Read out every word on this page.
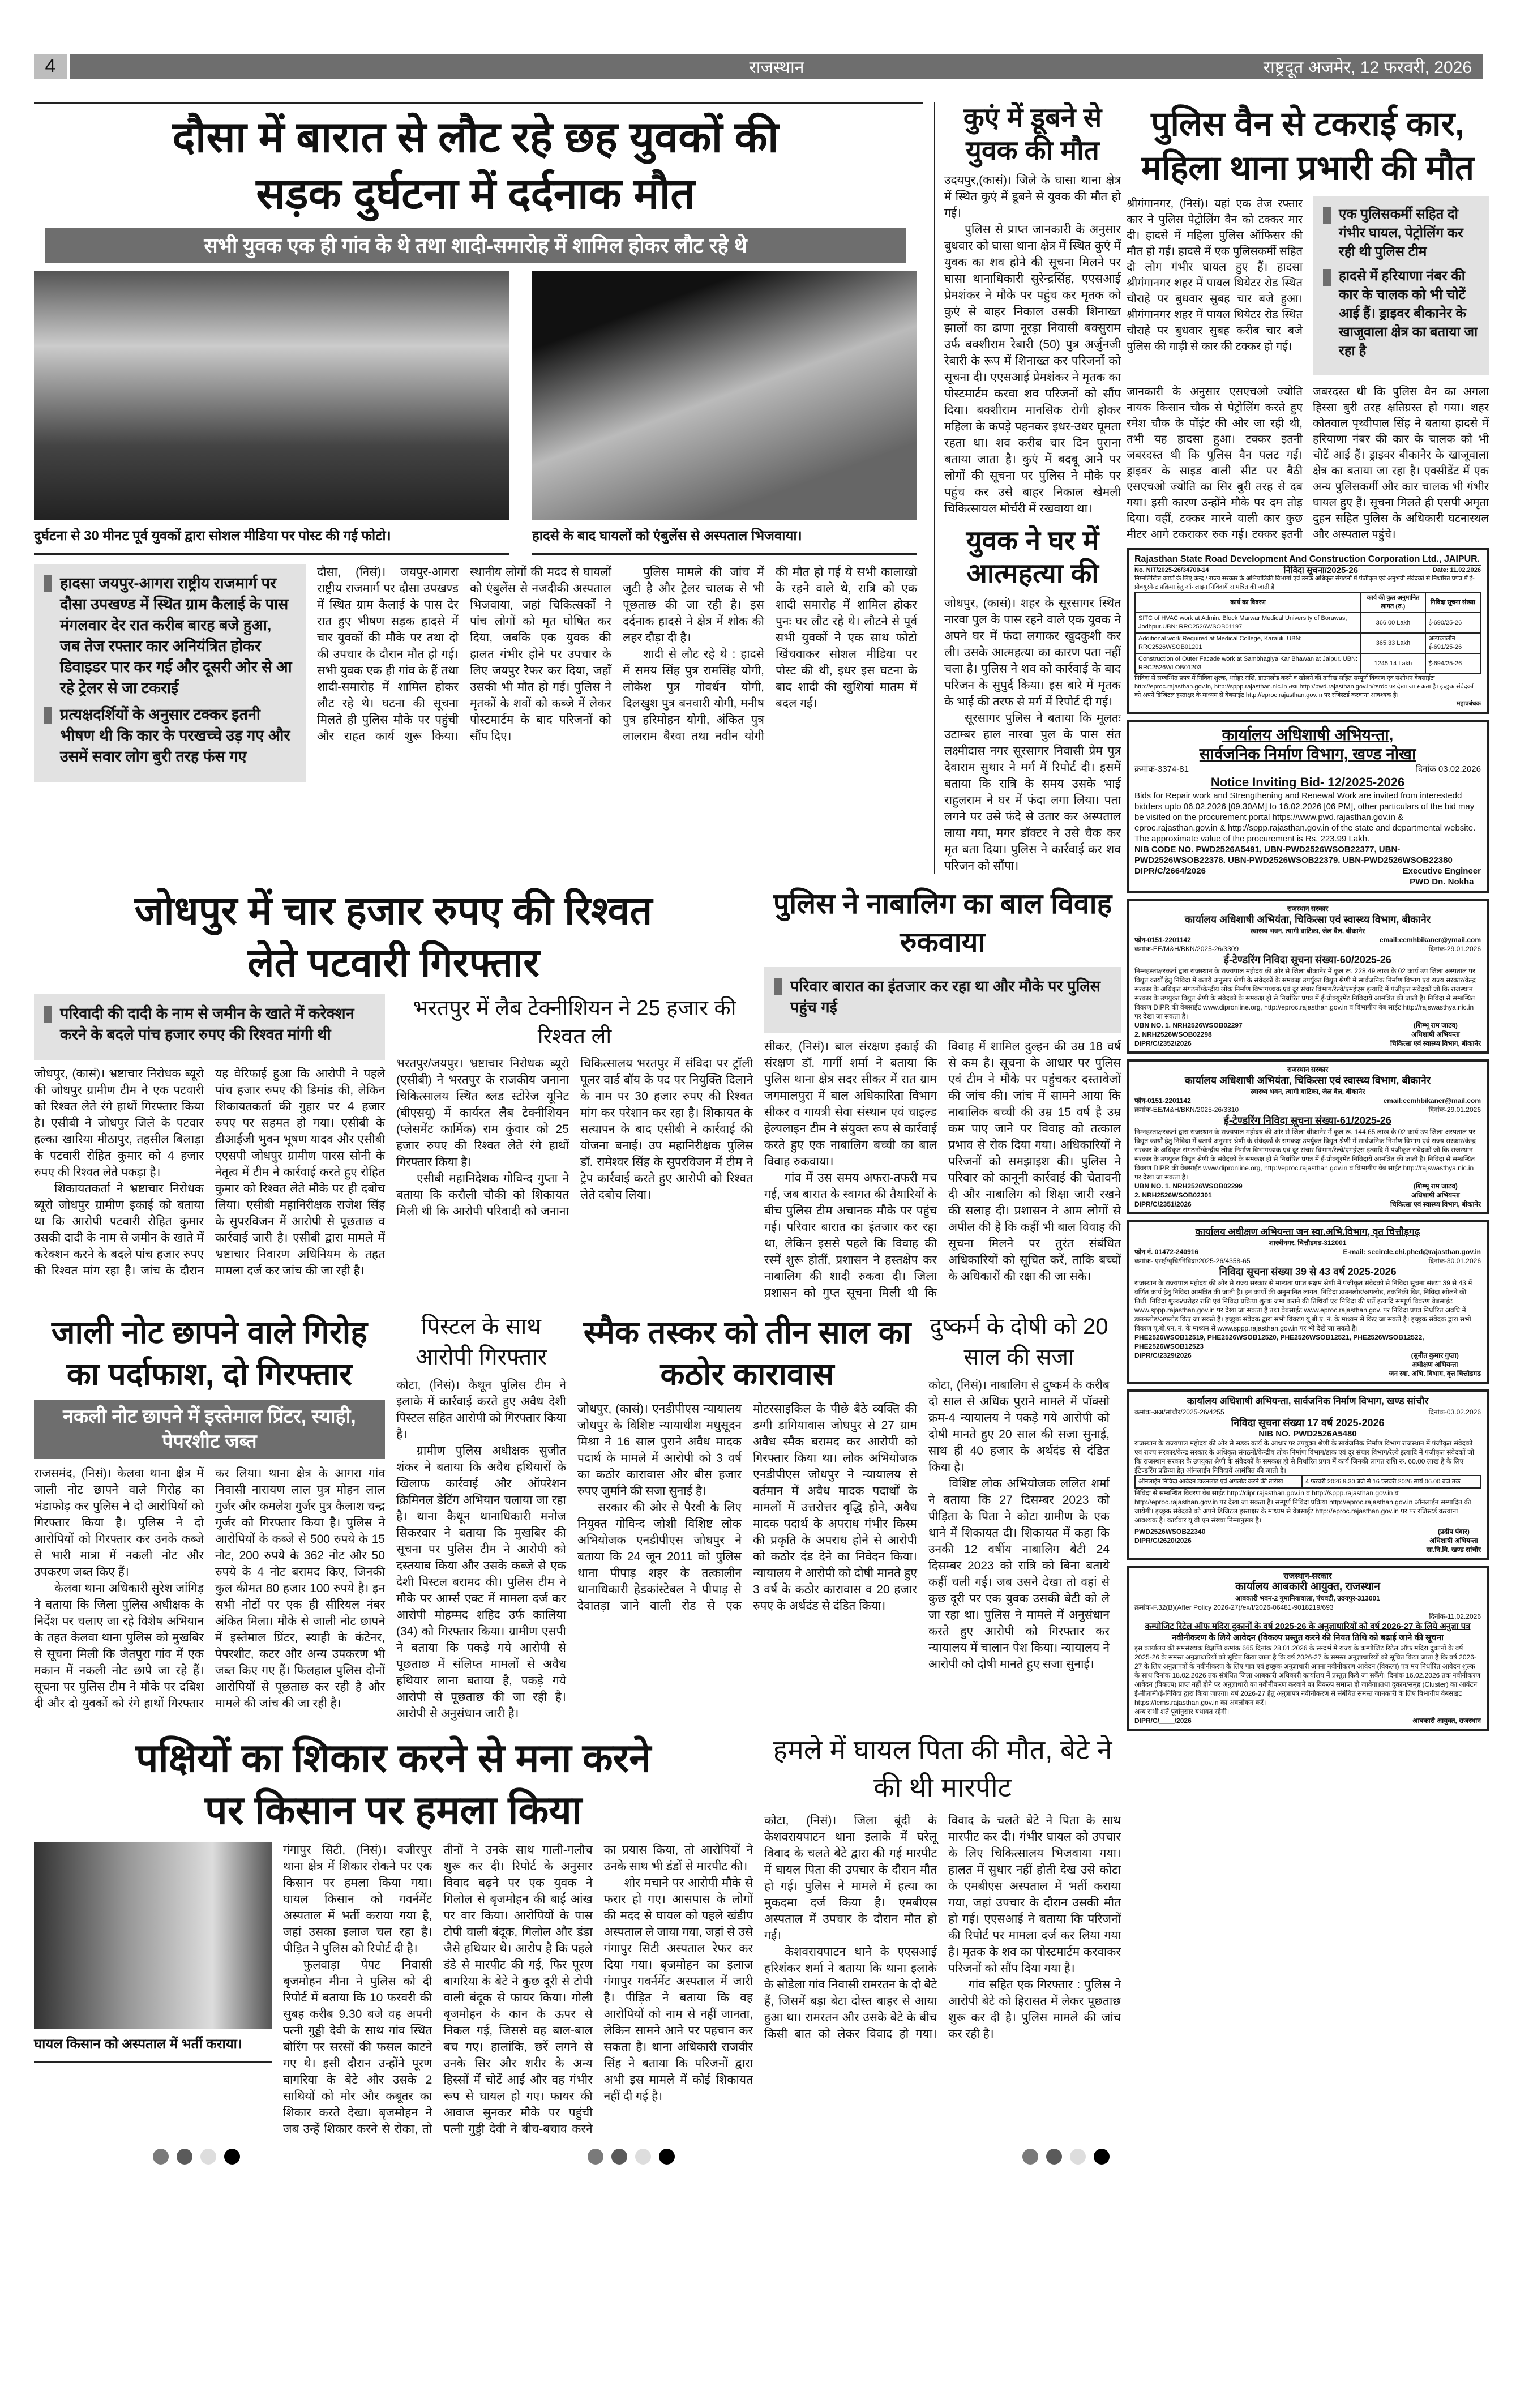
4	राजस्थान	राष्ट्रदूत अजमेर, 12 फरवरी, 2026
दौसा में बारात से लौट रहे छह युवकों की
सड़क दुर्घटना में दर्दनाक मौत
सभी युवक एक ही गांव के थे तथा शादी-समारोह में शामिल होकर लौट रहे थे
दुर्घटना से 30 मीनट पूर्व युवकों द्वारा सोशल मीडिया पर पोस्ट की गई फोटो।	हादसे के बाद घायलों को एंबुलेंस से अस्पताल भिजवाया।
हादसा जयपुर-आगरा राष्ट्रीय राजमार्ग पर दौसा उपखण्ड में स्थित ग्राम कैलाई के पास मंगलवार देर रात करीब बारह बजे हुआ, जब तेज रफ्तार कार अनियंत्रित होकर डिवाइडर पार कर गई और दूसरी ओर से आ रहे ट्रेलर से जा टकराई
प्रत्यक्षदर्शियों के अनुसार टक्कर इतनी भीषण थी कि कार के परखच्चे उड़ गए और उसमें सवार लोग बुरी तरह फंस गए

दौसा, (निसं)। जयपुर-आगरा राष्ट्रीय राजमार्ग पर दौसा उपखण्ड में स्थित ग्राम कैलाई के पास देर रात हुए भीषण सड़क हादसे में चार युवकों की मौके पर तथा दो की उपचार के दौरान मौत हो गई। सभी युवक एक ही गांव के हैं तथा शादी-समारोह में शामिल होकर लौट रहे थे। घटना की सूचना मिलते ही पुलिस मौके पर पहुंची और राहत कार्य शुरू किया। स्थानीय लोगों की मदद से घायलों को एंबुलेंस से नजदीकी अस्पताल भिजवाया, जहां चिकित्सकों ने पांच लोगों को मृत घोषित कर दिया, जबकि एक युवक की हालत गंभीर होने पर उपचार के लिए जयपुर रैफर कर दिया, जहाँ उसकी भी मौत हो गई। पुलिस ने मृतकों के शवों को कब्जे में लेकर पोस्टमार्टम के बाद परिजनों को सौंप दिए।

पुलिस मामले की जांच में जुटी है और ट्रेलर चालक से भी पूछताछ की जा रही है। इस दर्दनाक हादसे ने क्षेत्र में शोक की लहर दौड़ा दी है।

शादी से लौट रहे थे : हादसे में समय सिंह पुत्र रामसिंह योगी, लोकेश पुत्र गोवर्धन योगी, दिलखुश पुत्र बनवारी योगी, मनीष पुत्र हरिमोहन योगी, अंकित पुत्र लालराम बैरवा तथा नवीन योगी की मौत हो गई ये सभी कालाखो के रहने वाले थे, रात्रि को एक शादी समारोह में शामिल होकर पुनः घर लौट रहे थे। लौटने से पूर्व सभी युवकों ने एक साथ फोटो खिंचवाकर सोशल मीडिया पर पोस्ट की थी, इधर इस घटना के बाद शादी की खुशियां मातम में बदल गई।

कुएं में डूबने से युवक की मौत

उदयपुर,(कासं)। जिले के घासा थाना क्षेत्र में स्थित कुएं में डूबने से युवक की मौत हो गई।

पुलिस से प्राप्त जानकारी के अनुसार बुधवार को घासा थाना क्षेत्र में स्थित कुएं में युवक का शव होने की सूचना मिलने पर घासा थानाधिकारी सुरेन्द्रसिंह, एएसआई प्रेमशंकर ने मौके पर पहुंच कर मृतक को कुएं से बाहर निकाल उसकी शिनाख्त झालों का ढाणा नूरड़ा निवासी बक्सुराम उर्फ बक्शीराम रेबारी (50) पुत्र अर्जुनजी रेबारी के रूप में शिनाख्त कर परिजनों को सूचना दी। एएसआई प्रेमशंकर ने मृतक का पोस्टमार्टम करवा शव परिजनों को सौंप दिया। बक्शीराम मानसिक रोगी होकर महिला के कपड़े पहनकर इधर-उधर घूमता रहता था। शव करीब चार दिन पुराना बताया जाता है। कुएं में बदबू आने पर लोगों की सूचना पर पुलिस ने मौके पर पहुंच कर उसे बाहर निकाल खेमली चिकित्सायल मोर्चरी में रखवाया था।

युवक ने घर में आत्महत्या की

जोधपुर, (कासं)। शहर के सूरसागर स्थित नारवा पुल के पास रहने वाले एक युवक ने अपने घर में फंदा लगाकर खुदकुशी कर ली। उसके आत्महत्या का कारण पता नहीं चला है। पुलिस ने शव को कार्रवाई के बाद परिजन के सुपुर्द किया। इस बारे में मृतक के भाई की तरफ से मर्ग में रिपोर्ट दी गई।

सूरसागर पुलिस ने बताया कि मूलतः उटाम्बर हाल नारवा पुल के पास संत लक्ष्मीदास नगर सूरसागर निवासी प्रेम पुत्र देवाराम सुथार ने मर्ग में रिपोर्ट दी। इसमें बताया कि रात्रि के समय उसके भाई राहुलराम ने घर में फंदा लगा लिया। पता लगने पर उसे फंदे से उतार कर अस्पताल लाया गया, मगर डॉक्टर ने उसे चैक कर मृत बता दिया। पुलिस ने कार्रवाई कर शव परिजन को सौंपा।

जोधपुर में चार हजार रुपए की रिश्वत
लेते पटवारी गिरफ्तार
परिवादी की दादी के नाम से जमीन के खाते में करेक्शन करने के बदले पांच हजार रुपए की रिश्वत मांगी थी

जोधपुर, (कासं)। भ्रष्टाचार निरोधक ब्यूरो की जोधपुर ग्रामीण टीम ने एक पटवारी को रिश्वत लेते रंगे हाथों गिरफ्तार किया है। एसीबी ने जोधपुर जिले के पटवार हल्का खारिया मीठापुर, तहसील बिलाड़ा के पटवारी रोहित कुमार को 4 हजार रुपए की रिश्वत लेते पकड़ा है।

शिकायतकर्ता ने भ्रष्टाचार निरोधक ब्यूरो जोधपुर ग्रामीण इकाई को बताया था कि आरोपी पटवारी रोहित कुमार उसकी दादी के नाम से जमीन के खाते में करेक्शन करने के बदले पांच हजार रुपए की रिश्वत मांग रहा है। जांच के दौरान यह वेरिफाई हुआ कि आरोपी ने पहले पांच हजार रुपए की डिमांड की, लेकिन शिकायतकर्ता की गुहार पर 4 हजार रुपए पर सहमत हो गया। एसीबी के डीआईजी भुवन भूषण यादव और एसीबी एएसपी जोधपुर ग्रामीण पारस सोनी के नेतृत्व में टीम ने कार्रवाई करते हुए रोहित कुमार को रिश्वत लेते मौके पर ही दबोच लिया। एसीबी महानिरीक्षक राजेश सिंह के सुपरविजन में आरोपी से पूछताछ व कार्रवाई जारी है। एसीबी द्वारा मामले में भ्रष्टाचार निवारण अधिनियम के तहत मामला दर्ज कर जांच की जा रही है।

भरतपुर में लैब टेक्नीशियन ने 25 हजार की रिश्वत ली

भरतपुर/जयपुर। भ्रष्टाचार निरोधक ब्यूरो (एसीबी) ने भरतपुर के राजकीय जनाना चिकित्सालय स्थित ब्लड स्टोरेज यूनिट (बीएसयू) में कार्यरत लैब टेक्नीशियन (प्लेसमेंट कार्मिक) राम कुंवार को 25 हजार रुपए की रिश्वत लेते रंगे हाथों गिरफ्तार किया है।

एसीबी महानिदेशक गोविन्द गुप्ता ने बताया कि करौली चौकी को शिकायत मिली थी कि आरोपी परिवादी को जनाना चिकित्सालय भरतपुर में संविदा पर ट्रॉली पूलर वार्ड बॉय के पद पर नियुक्ति दिलाने के नाम पर 30 हजार रुपए की रिश्वत मांग कर परेशान कर रहा है। शिकायत के सत्यापन के बाद एसीबी ने कार्रवाई की योजना बनाई। उप महानिरीक्षक पुलिस डॉ. रामेश्वर सिंह के सुपरविजन में टीम ने ट्रेप कार्रवाई करते हुए आरोपी को रिश्वत लेते दबोच लिया।

पुलिस ने नाबालिग का बाल विवाह रुकवाया
परिवार बारात का इंतजार कर रहा था और मौके पर पुलिस पहुंच गई

सीकर, (निसं)। बाल संरक्षण इकाई की संरक्षण डॉ. गार्गी शर्मा ने बताया कि पुलिस थाना क्षेत्र सदर सीकर में रात ग्राम जगमालपुरा में बाल अधिकारिता विभाग सीकर व गायत्री सेवा संस्थान एवं चाइल्ड हेल्पलाइन टीम ने संयुक्त रूप से कार्रवाई करते हुए एक नाबालिग बच्ची का बाल विवाह रुकवाया।

गांव में उस समय अफरा-तफरी मच गई, जब बारात के स्वागत की तैयारियों के बीच पुलिस टीम अचानक मौके पर पहुंच गई। परिवार बारात का इंतजार कर रहा था, लेकिन इससे पहले कि विवाह की रस्में शुरू होतीं, प्रशासन ने हस्तक्षेप कर नाबालिग की शादी रुकवा दी। जिला प्रशासन को गुप्त सूचना मिली थी कि विवाह में शामिल दुल्हन की उम्र 18 वर्ष से कम है। सूचना के आधार पर पुलिस एवं टीम ने मौके पर पहुंचकर दस्तावेजों की जांच की। जांच में सामने आया कि नाबालिक बच्ची की उम्र 15 वर्ष है उम्र कम पाए जाने पर विवाह को तत्काल प्रभाव से रोक दिया गया। अधिकारियों ने परिजनों को समझाइश की। पुलिस ने परिवार को कानूनी कार्रवाई की चेतावनी दी और नाबालिग को शिक्षा जारी रखने की सलाह दी। प्रशासन ने आम लोगों से अपील की है कि कहीं भी बाल विवाह की सूचना मिलने पर तुरंत संबंधित अधिकारियों को सूचित करें, ताकि बच्चों के अधिकारों की रक्षा की जा सके।

जाली नोट छापने वाले गिरोह का पर्दाफाश, दो गिरफ्तार
नकली नोट छापने में इस्तेमाल प्रिंटर, स्याही, पेपरशीट जब्त

राजसमंद, (निसं)। केलवा थाना क्षेत्र में जाली नोट छापने वाले गिरोह का भंडाफोड़ कर पुलिस ने दो आरोपियों को गिरफ्तार किया है। पुलिस ने दो आरोपियों को गिरफ्तार कर उनके कब्जे से भारी मात्रा में नकली नोट और उपकरण जब्त किए हैं।

केलवा थाना अधिकारी सुरेश जांगिड़ ने बताया कि जिला पुलिस अधीक्षक के निर्देश पर चलाए जा रहे विशेष अभियान के तहत केलवा थाना पुलिस को मुखबिर से सूचना मिली कि जैतपुरा गांव में एक मकान में नकली नोट छापे जा रहे हैं। सूचना पर पुलिस टीम ने मौके पर दबिश दी और दो युवकों को रंगे हाथों गिरफ्तार कर लिया। थाना क्षेत्र के आगरा गांव निवासी नारायण लाल पुत्र मोहन लाल गुर्जर और कमलेश गुर्जर पुत्र कैलाश चन्द्र गुर्जर को गिरफ्तार किया है। पुलिस ने आरोपियों के कब्जे से 500 रुपये के 15 नोट, 200 रुपये के 362 नोट और 50 रुपये के 4 नोट बरामद किए, जिनकी कुल कीमत 80 हजार 100 रुपये है। इन सभी नोटों पर एक ही सीरियल नंबर अंकित मिला। मौके से जाली नोट छापने में इस्तेमाल प्रिंटर, स्याही के कंटेनर, पेपरशीट, कटर और अन्य उपकरण भी जब्त किए गए हैं। फिलहाल पुलिस दोनों आरोपियों से पूछताछ कर रही है और मामले की जांच की जा रही है।

पिस्टल के साथ आरोपी गिरफ्तार

कोटा, (निसं)। कैथून पुलिस टीम ने इलाके में कार्रवाई करते हुए अवैध देशी पिस्टल सहित आरोपी को गिरफ्तार किया है।

ग्रामीण पुलिस अधीक्षक सुजीत शंकर ने बताया कि अवैध हथियारों के खिलाफ कार्रवाई और ऑपरेशन क्रिमिनल डेटिंग अभियान चलाया जा रहा है। थाना कैथून थानाधिकारी मनोज सिकरवार ने बताया कि मुखबिर की सूचना पर पुलिस टीम ने आरोपी को दस्तयाब किया और उसके कब्जे से एक देशी पिस्टल बरामद की। पुलिस टीम ने मौके पर आर्म्स एक्ट में मामला दर्ज कर आरोपी मोहम्मद शहिद उर्फ कालिया (34) को गिरफ्तार किया। ग्रामीण एसपी ने बताया कि पकड़े गये आरोपी से पूछताछ में संलिप्त मामलों से अवैध हथियार लाना बताया है, पकड़े गये आरोपी से पूछताछ की जा रही है। आरोपी से अनुसंधान जारी है।

स्मैक तस्कर को तीन साल का कठोर कारावास

जोधपुर, (कासं)। एनडीपीएस न्यायालय जोधपुर के विशिष्ट न्यायाधीश मधुसूदन मिश्रा ने 16 साल पुराने अवैध मादक पदार्थ के मामले में आरोपी को 3 वर्ष का कठोर कारावास और बीस हजार रुपए जुर्माने की सजा सुनाई है।

सरकार की ओर से पैरवी के लिए नियुक्त गोविन्द जोशी विशिष्ट लोक अभियोजक एनडीपीएस जोधपुर ने बताया कि 24 जून 2011 को पुलिस थाना पीपाड़ शहर के तत्कालीन थानाधिकारी हेडकांस्टेबल ने पीपाड़ से देवातड़ा जाने वाली रोड से एक मोटरसाइकिल के पीछे बैठे व्यक्ति की डग्गी डागियावास जोधपुर से 27 ग्राम अवैध स्मैक बरामद कर आरोपी को गिरफ्तार किया था। लोक अभियोजक एनडीपीएस जोधपुर ने न्यायालय से वर्तमान में अवैध मादक पदार्थों के मामलों में उत्तरोत्तर वृद्धि होने, अवैध मादक पदार्थ के अपराध गंभीर किस्म की प्रकृति के अपराध होने से आरोपी को कठोर दंड देने का निवेदन किया। न्यायालय ने आरोपी को दोषी मानते हुए 3 वर्ष के कठोर कारावास व 20 हजार रुपए के अर्थदंड से दंडित किया।

दुष्कर्म के दोषी को 20 साल की सजा

कोटा, (निसं)। नाबालिग से दुष्कर्म के करीब दो साल से अधिक पुराने मामले में पॉक्सो क्रम-4 न्यायालय ने पकड़े गये आरोपी को दोषी मानते हुए 20 साल की सजा सुनाई, साथ ही 40 हजार के अर्थदंड से दंडित किया है।

विशिष्ट लोक अभियोजक ललित शर्मा ने बताया कि 27 दिसम्बर 2023 को पीड़िता के पिता ने कोटा ग्रामीण के एक थाने में शिकायत दी। शिकायत में कहा कि उनकी 12 वर्षीय नाबालिग बेटी 24 दिसम्बर 2023 को रात्रि को बिना बताये कहीं चली गई। जब उसने देखा तो वहां से कुछ दूरी पर एक युवक उसकी बेटी को ले जा रहा था। पुलिस ने मामले में अनुसंधान करते हुए आरोपी को गिरफ्तार कर न्यायालय में चालान पेश किया। न्यायालय ने आरोपी को दोषी मानते हुए सजा सुनाई।

पक्षियों का शिकार करने से मना करने
पर किसान पर हमला किया
घायल किसान को अस्पताल में भर्ती कराया।

गंगापुर सिटी, (निसं)। वजीरपुर थाना क्षेत्र में शिकार रोकने पर एक किसान पर हमला किया गया। घायल किसान को गवर्नमेंट अस्पताल में भर्ती कराया गया है, जहां उसका इलाज चल रहा है। पीड़ित ने पुलिस को रिपोर्ट दी है।

फुलवाड़ा पेपट निवासी बृजमोहन मीना ने पुलिस को दी रिपोर्ट में बताया कि 10 फरवरी की सुबह करीब 9.30 बजे वह अपनी पत्नी गुड्डी देवी के साथ गांव स्थित बोरिंग पर सरसों की फसल काटने गए थे। इसी दौरान उन्होंने पूरण बागरिया के बेटे और उसके 2 साथियों को मोर और कबूतर का शिकार करते देखा। बृजमोहन ने जब उन्हें शिकार करने से रोका, तो तीनों ने उनके साथ गाली-गलौच शुरू कर दी। रिपोर्ट के अनुसार विवाद बढ़ने पर एक युवक ने गिलोल से बृजमोहन की बाईं आंख पर वार किया। आरोपियों के पास टोपी वाली बंदूक, गिलोल और डंडा जैसे हथियार थे। आरोप है कि पहले डंडे से मारपीट की गई, फिर पूरण बागरिया के बेटे ने कुछ दूरी से टोपी वाली बंदूक से फायर किया। गोली बृजमोहन के कान के ऊपर से निकल गई, जिससे वह बाल-बाल बच गए। हालांकि, छर्रे लगने से उनके सिर और शरीर के अन्य हिस्सों में चोटें आईं और वह गंभीर रूप से घायल हो गए। फायर की आवाज सुनकर मौके पर पहुंची पत्नी गुड्डी देवी ने बीच-बचाव करने का प्रयास किया, तो आरोपियों ने उनके साथ भी डंडों से मारपीट की।

शोर मचाने पर आरोपी मौके से फरार हो गए। आसपास के लोगों की मदद से घायल को पहले खंडीप अस्पताल ले जाया गया, जहां से उसे गंगापुर सिटी अस्पताल रेफर कर दिया गया। बृजमोहन का इलाज गंगापुर गवर्नमेंट अस्पताल में जारी है। पीड़ित ने बताया कि वह आरोपियों को नाम से नहीं जानता, लेकिन सामने आने पर पहचान कर सकता है। थाना अधिकारी राजवीर सिंह ने बताया कि परिजनों द्वारा अभी इस मामले में कोई शिकायत नहीं दी गई है।

हमले में घायल पिता की मौत, बेटे ने की थी मारपीट

कोटा, (निसं)। जिला बूंदी के केशवरायपाटन थाना इलाके में घरेलू विवाद के चलते बेटे द्वारा की गई मारपीट में घायल पिता की उपचार के दौरान मौत हो गई। पुलिस ने मामले में हत्या का मुकदमा दर्ज किया है। एमबीएस अस्पताल में उपचार के दौरान मौत हो गई।

केशवरायपाटन थाने के एएसआई हरिशंकर शर्मा ने बताया कि थाना इलाके के सोडेला गांव निवासी रामरतन के दो बेटे हैं, जिसमें बड़ा बेटा दोस्त बाहर से आया हुआ था। रामरतन और उसके बेटे के बीच किसी बात को लेकर विवाद हो गया। विवाद के चलते बेटे ने पिता के साथ मारपीट कर दी। गंभीर घायल को उपचार के लिए चिकित्सालय भिजवाया गया। हालत में सुधार नहीं होती देख उसे कोटा के एमबीएस अस्पताल में भर्ती कराया गया, जहां उपचार के दौरान उसकी मौत हो गई। एएसआई ने बताया कि परिजनों की रिपोर्ट पर मामला दर्ज कर लिया गया है। मृतक के शव का पोस्टमार्टम करवाकर परिजनों को सौंप दिया गया है।

गांव सहित एक गिरफ्तार : पुलिस ने आरोपी बेटे को हिरासत में लेकर पूछताछ शुरू कर दी है। पुलिस मामले की जांच कर रही है।

पुलिस वैन से टकराई कार, महिला थाना प्रभारी की मौत

श्रीगंगानगर, (निसं)। यहां एक तेज रफ्तार कार ने पुलिस पेट्रोलिंग वैन को टक्कर मार दी। हादसे में महिला पुलिस ऑफिसर की मौत हो गई। हादसे में एक पुलिसकर्मी सहित दो लोग गंभीर घायल हुए हैं। हादसा श्रीगंगानगर शहर में पायल थियेटर रोड स्थित चौराहे पर बुधवार सुबह चार बजे हुआ। श्रीगंगानगर शहर में पायल थियेटर रोड स्थित चौराहे पर बुधवार सुबह करीब चार बजे पुलिस की गाड़ी से कार की टक्कर हो गई।

एक पुलिसकर्मी सहित दो गंभीर घायल, पेट्रोलिंग कर रही थी पुलिस टीम
हादसे में हरियाणा नंबर की कार के चालक को भी चोटें आई हैं। ड्राइवर बीकानेर के खाजूवाला क्षेत्र का बताया जा रहा है

जानकारी के अनुसार एसएचओ ज्योति नायक किसान चौक से पेट्रोलिंग करते हुए रमेश चौक के पॉइंट की ओर जा रही थी, तभी यह हादसा हुआ। टक्कर इतनी जबरदस्त थी कि पुलिस वैन पलट गई। ड्राइवर के साइड वाली सीट पर बैठी एसएचओ ज्योति का सिर बुरी तरह से दब गया। इसी कारण उन्होंने मौके पर दम तोड़ दिया। वहीं, टक्कर मारने वाली कार कुछ मीटर आगे टकराकर रुक गई। टक्कर इतनी जबरदस्त थी कि पुलिस वैन का अगला हिस्सा बुरी तरह क्षतिग्रस्त हो गया। शहर कोतवाल पृथ्वीपाल सिंह ने बताया हादसे में हरियाणा नंबर की कार के चालक को भी चोटें आई हैं। ड्राइवर बीकानेर के खाजूवाला क्षेत्र का बताया जा रहा है। एक्सीडेंट में एक अन्य पुलिसकर्मी और कार चालक भी गंभीर घायल हुए हैं। सूचना मिलते ही एसपी अमृता दुहन सहित पुलिस के अधिकारी घटनास्थल और अस्पताल पहुंचे।

Rajasthan State Road Development And Construction Corporation Ltd., JAIPUR.
No. NIT/2025-26/34700-14	निविदा सूचना/2025-26	Date: 11.02.2026
निम्नलिखित कार्यों के लिए केन्द्र / राज्य सरकार के अभियांत्रिकी विभागों एवं उनके अधिकृत संगठनों में पंजीकृत एवं अनुभवी संवेदकों से निर्धारित प्रपत्र में ई-प्रोक्यूरमेन्ट प्रक्रिया हेतु ऑनलाइन निविदायें आमंत्रित की जाती है
कार्य का विवरण	कार्य की कुल अनुमानित लागत (रु.)	निविदा सूचना संख्या
SITC of HVAC work at Admin. Block Marwar Medical University of Borawas, Jodhpur.UBN: RRC2526WSOB01197	366.00 Lakh	ई-690/25-26
Additional work Required at Medical College, Karauli. UBN: RRC2526WSOB01201	365.33 Lakh	अल्पकालीन ई-691/25-26
Construction of Outer Facade work at Sambhagiya Kar Bhawan at Jaipur. UBN: RRC2526WLOB01203	1245.14 Lakh	ई-694/25-26
निविदा से सम्बन्धित प्रपत्र में निविदा शुल्क, धरोहर राशि, डाउनलोड करने व खोलने की तारीख सहित सम्पूर्ण विवरण एवं संशोधन वेबसाईटः http://eproc.rajasthan.gov.in, http://sppp.rajasthan.nic.in तथा http://pwd.rajasthan.gov.in/rsrdc पर देखा जा सकता है। इच्छुक संवेदकों को अपने डिजिटल हस्ताक्षर के माध्यम से वेबसाईट http://eproc.rajasthan.gov.in पर रजिस्टर्ड करवाना आवश्यक है।
महाप्रबंधक
कार्यालय अधिशाषी अभियन्ता,
सार्वजनिक निर्माण विभाग, खण्ड नोखा
क्रमांक-3374-81	दिनांक 03.02.2026
Notice Inviting Bid- 12/2025-2026
Bids for Repair work and Strengthening and Renewal Work are invited from interestedd bidders upto 06.02.2026 [09.30AM] to 16.02.2026 [06 PM], other particulars of the bid may be visited on the procurement portal https://www.pwd.rajasthan.gov.in & eproc.rajasthan.gov.in & http://sppp.rajasthan.gov.in of the state and departmental website. The approximate value of the procurement is Rs. 223.99 Lakh.
NIB CODE NO. PWD2526A5491, UBN-PWD2526WSOB22377, UBN-PWD2526WSOB22378. UBN-PWD2526WSOB22379. UBN-PWD2526WSOB22380
DIPR/C/2664/2026	Executive Engineer
PWD Dn. Nokha
राजस्थान सरकार
कार्यालय अधिशाषी अभियंता, चिकित्सा एवं स्वास्थ्य विभाग, बीकानेर
स्वास्थ्य भवन, त्यागी वाटिका, जेल वैल, बीकानेर
फोन-0151-2201142	email:eemhbikaner@ymail.com
क्रमांक-EE/M&H/BKN/2025-26/3309	दिनांक-29.01.2026
ई-टेण्डरिंग निविदा सूचना संख्या-60/2025-26
निम्नहस्ताक्षरकर्ता द्वारा राजस्थान के राज्यपाल महोदय की ओर से जिला बीकानेर में कुल रू. 228.49 लाख के 02 कार्य उप जिला अस्पताल पर विद्युत कार्यों हेतु निविदा में बताये अनुसार श्रेणी के संवेदकों के समकक्ष उपर्युक्त विद्युत श्रेणी में सार्वजनिक निर्माण विभाग एवं राज्य सरकार/केन्द्र सरकार के अधिकृत संगठनों/केन्द्रीय लोक निर्माण विभाग/डाक एवं दूर संचार विभाग/रेल्वे/एमईएस इत्यादि में पंजीकृत संवेदकों जो कि राजस्थान सरकार के उपयुक्त विद्युत श्रेणी के संवेदकों के समकक्ष हो से निर्धारित प्रपत्र में ई-प्रोक्यूरमेंट निविदायें आमंत्रित की जाती है। निविदा से सम्बन्धित विवरण DIPR की वेबसाईट www.dipronline.org, http://eproc.rajasthan.gov.in व विभागीय वेब साईट http://rajswasthya.nic.in पर देखा जा सकता है।
UBN NO. 1. NRH2526WSOB02297
2. NRH2526WSOB02298
DIPR/C/2352/2026
(शिम्भू राम जाटव)
अधिशाषी अभियन्ता
चिकित्सा एवं स्वास्थ्य विभाग, बीकानेर
राजस्थान सरकार
कार्यालय अधिशाषी अभियंता, चिकित्सा एवं स्वास्थ्य विभाग, बीकानेर
स्वास्थ्य भवन, त्यागी वाटिका, जेल वैल, बीकानेर
फोन-0151-2201142	email:eemhbikaner@mail.com
क्रमांक-EE/M&H/BKN/2025-26/3310	दिनांक-29.01.2026
ई-टेण्डरिंग निविदा सूचना संख्या-61/2025-26
निम्नहस्ताक्षरकर्ता द्वारा राजस्थान के राज्यपाल महोदय की ओर से जिला बीकानेर में कुल रू. 144.65 लाख के 02 कार्य उप जिला अस्पताल पर विद्युत कार्यों हेतु निविदा में बताये अनुसार श्रेणी के संवेदकों के समकक्ष उपर्युक्त विद्युत श्रेणी में सार्वजनिक निर्माण विभाग एवं राज्य सरकार/केन्द्र सरकार के अधिकृत संगठनों/केन्द्रीय लोक निर्माण विभाग/डाक एवं दूर संचार विभाग/रेल्वे/एमईएस इत्यादि में पंजीकृत संवेदकों जो कि राजस्थान सरकार के उपयुक्त विद्युत श्रेणी के संवेदकों के समकक्ष हो से निर्धारित प्रपत्र में ई-प्रोक्यूरमेंट निविदायें आमंत्रित की जाती है। निविदा से सम्बन्धित विवरण DIPR की वेबसाईट www.dipronline.org, http://eproc.rajasthan.gov.in व विभागीय वेब साईट http://rajswasthya.nic.in पर देखा जा सकता है।
UBN NO. 1. NRH2526WSOB02299
2. NRH2526WSOB02301
DIPR/C/2351/2026
(शिम्भू राम जाटव)
अधिशाषी अभियन्ता
चिकित्सा एवं स्वास्थ्य विभाग, बीकानेर
कार्यालय अधीक्षण अभियन्ता जन स्वा.अभि.विभाग, वृत चित्तौड़गढ़
शास्त्रीनगर, चित्तौडगढ-312001
फोन नं. 01472-240916	E-mail: secircle.chi.phed@rajasthan.gov.in
क्रमांक- एसई/वृचि/निविदा/2025-26/4358-65	दिनांक-30.01.2026
निविदा सूचना संख्या 39 से 43 वर्ष 2025-2026
राजस्थान के राज्यपाल महोदय की ओर से राज्य सरकार से मान्यता प्राप्त सक्षम श्रेणी में पंजीकृत संवेदको से निविदा सूचना संख्या 39 से 43 में वर्णित कार्य हेतु निविदा आमंत्रित की जाती है। इन कार्यो की अनुमानित लागत, निविदा डाउनलोड/अपलोड, तकनिकी बिड, निविदा खोलने की तिथी, निविदा शुल्क/धरोहर राशि एवं निविदा प्रक्रिया शुल्क जमा कराने की तिथियॉ एवं निविदा की शर्ते इत्यादि सम्पूर्ण विवरण वेबसाईट www.sppp.rajasthan.gov.in पर देखा जा सकता हैं तथा वेबसाईट www.eproc.rajasthan.gov. पर निविदा प्रपत्र निर्धारित अवधि में डाउनलोड/अपलोड किए जा सकते हैं। इच्छुक संवेदक द्वारा सभी विवरण यू.बी.ए. नं. के माध्यम से किए जा सकते है। इच्छुक संवेदक द्वारा सभी विवरण यू.बी.एन. नं. के माध्यम से www.sppp.rajasthan.gov.in पर भी देखे जा सकते है।
PHE2526WSOB12519, PHE2526WSOB12520, PHE2526WSOB12521, PHE2526WSOB12522, PHE2526WSOB12523
DIPR/C/2329/2026	(सुनीत कुमार गुप्ता)
अधीक्षण अभियन्ता
जन स्वा. अभि. विभाग, वृत्त चित्तौडगढ
कार्यालय अधिशाषी अभियन्ता, सार्वजनिक निर्माण विभाग, खण्ड सांचौर
क्रमांक-अअ/सांचौर/2025-26/4255	दिनांक-03.02.2026
निविदा सूचना संख्या 17 वर्ष 2025-2026
NIB NO. PWD2526A5480
राजस्थान के राज्यपाल महोदय की ओर से सडक कार्य के आधार पर उपयुक्त श्रेणी के सार्वजनिक निर्माण विभाग राजस्थान में पंजीकृत संवेदको एवं राज्य सरकार/केन्द्र सरकार के अधिकृत संगठनों/केन्द्रीय लोक निर्माण विभाग/डाक एवं दूर संचार विभाग/रेल्वे इत्यादि में पंजीकृत संवेदकों जो कि राजस्थान सरकार के उपयुक्त श्रेणी के संवेदकों के समकक्ष हो से निर्धारित प्रपत्र में कार्य जिनकी लागत राशि रू. 60.00 लाख है के लिए ईटेण्डरिंग प्रक्रिया हेतु ऑनलाईन निविदायें आमंत्रित की जाती है।
ऑनलाईन निविदा आवेदन डाउनलोड एवं अपलोड करने की तारीख	4 फरवरी 2026 9.30 बजे से 16 फरवरी 2026 सायं 06.00 बजे तक
निविदा से सम्बन्धित विवरण वेब साईट http://dipr.rajasthan.gov.in व http://sppp.rajasthan.gov.in व http://eproc.rajasthan.gov.in पर देखा जा सकता है। सम्पूर्ण निविदा प्रक्रिया http://eproc.rajasthan.gov.in ऑनलाईन सम्पादित की जायेगी। इच्छुक संवेदको को अपने डिजिटल हस्ताक्षर के माध्यम से वेबसाईट http://eproc.rajasthan.gov.in पर पर रजिस्टर्ड करवाना आवश्यक है। कार्यवार यू बी एन संख्या निम्नानुसार है।
PWD2526WSOB22340
DIPR/C/2620/2026
(प्रदीप पंवार)
अधिशाषी अभियन्ता
सा.नि.वि. खण्ड सांचौर
राजस्थान-सरकार
कार्यालय आबकारी आयुक्त, राजस्थान
आबकारी भवन-2 गुमानियावाला, पंचवटी, उदयपुर-313001
क्रमांक-F.32(B)(After Policy 2026-27)/ex/I/2026-06481-9018219/693
दिनांक-11.02.2026
कम्पोजिट रिटेल ऑफ मदिरा दुकानों के वर्ष 2025-26 के अनुज्ञाधारियों को वर्ष 2026-27 के लिये अनुज्ञा पत्र नवीनीकरण के लिये आवेदन (विकल्प प्रस्तुत करने की नियत तिथि को बढाई जाने की सूचना
इस कार्यालय की समसंख्यक विज्ञप्ति क्रमांक 665 दिनांक 28.01.2026 के सन्दर्भ मे राज्य के कम्पोजिट रिटेल ऑफ मदिरा दुकानों के वर्ष 2025-26 के समस्त अनुज्ञाधारियों को सूचित किया जाता है कि वर्ष 2026-27 के समस्त अनुज्ञाधारियों को सूचित किया जाता है कि वर्ष 2026-27 के लिए अनुज्ञापत्रों के नवीनीकरण के लिए पात्र एवं इच्छुक अनुज्ञाधारी अपना नवीनीकरण आवेदन (विकल्प) पत्र मय निर्धारित आवेदन शुल्क के साथ दिनांक 18.02.2026 तक संबंधित जिला आबकारी अधिकारी कार्यालय में प्रस्तुत किये जा सकेंगे। दिनांक 16.02.2026 तक नवीनीकरण आवेदन (विकल्प) प्राप्त नहीं होने पर अनुज्ञाधारी का नवीनीकरण करवाने का विकल्प समाप्त हो जावेगा।तथा दुकान/समूह (Cluster) का आवंटन ई-नीलामी/ई-निविदा द्वारा किया जाएगा। वर्ष 2026-27 हेतु अनुज्ञापत्र नवीनीकरण से संबंधित समस्त जानकारी के लिए विभागीय वेबसाइट https://iems.rajasthan.gov.in का अवलोकन करें।
अन्य सभी शर्ते पूर्वानुसार यथावत रहेगी।
DIPR/C/____/2026	आबकारी आयुक्त, राजस्थान
